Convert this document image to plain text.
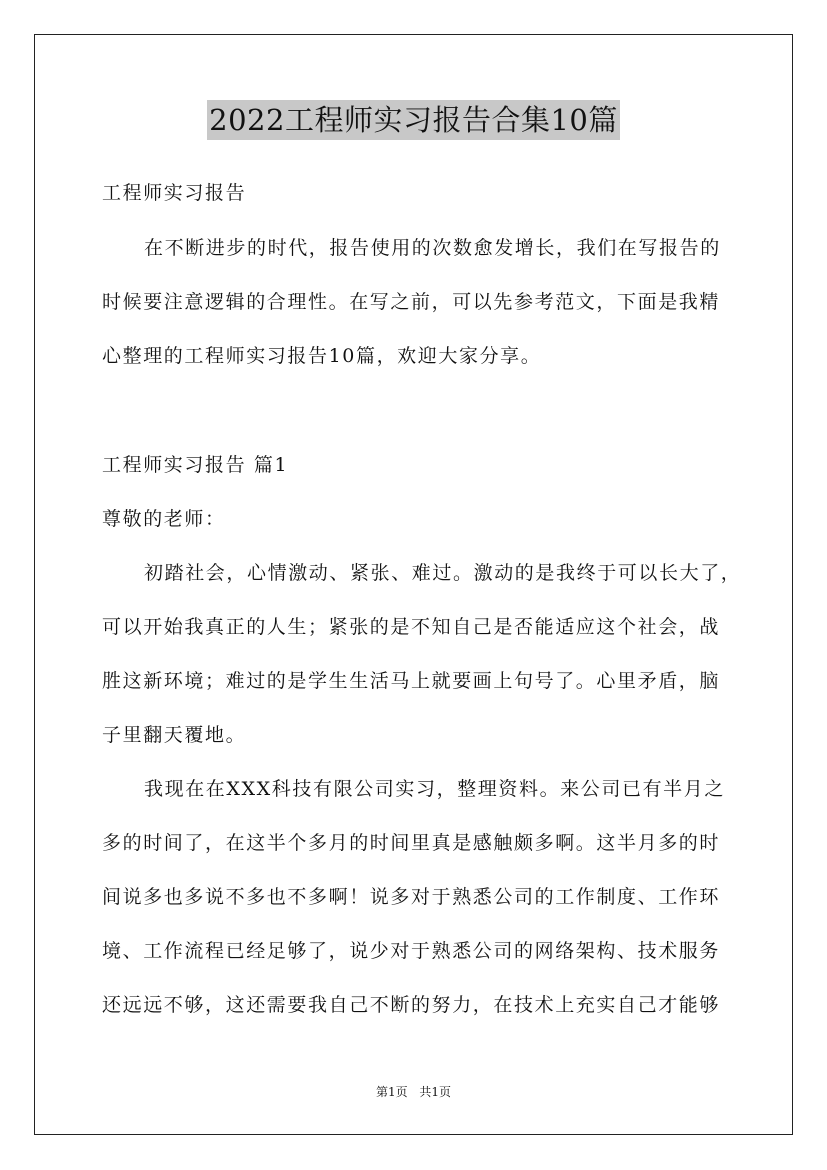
2022工程师实习报告合集10篇
工程师实习报告
在不断进步的时代，报告使用的次数愈发增长，我们在写报告的
时候要注意逻辑的合理性。在写之前，可以先参考范文，下面是我精
心整理的工程师实习报告10篇，欢迎大家分享。
工程师实习报告 篇1
尊敬的老师：
初踏社会，心情激动、紧张、难过。激动的是我终于可以长大了，
可以开始我真正的人生；紧张的是不知自己是否能适应这个社会，战
胜这新环境；难过的是学生生活马上就要画上句号了。心里矛盾，脑
子里翻天覆地。
我现在在XXX科技有限公司实习，整理资料。来公司已有半月之
多的时间了，在这半个多月的时间里真是感触颇多啊。这半月多的时
间说多也多说不多也不多啊！说多对于熟悉公司的工作制度、工作环
境、工作流程已经足够了，说少对于熟悉公司的网络架构、技术服务
还远远不够，这还需要我自己不断的努力，在技术上充实自己才能够
第1页 共1页
